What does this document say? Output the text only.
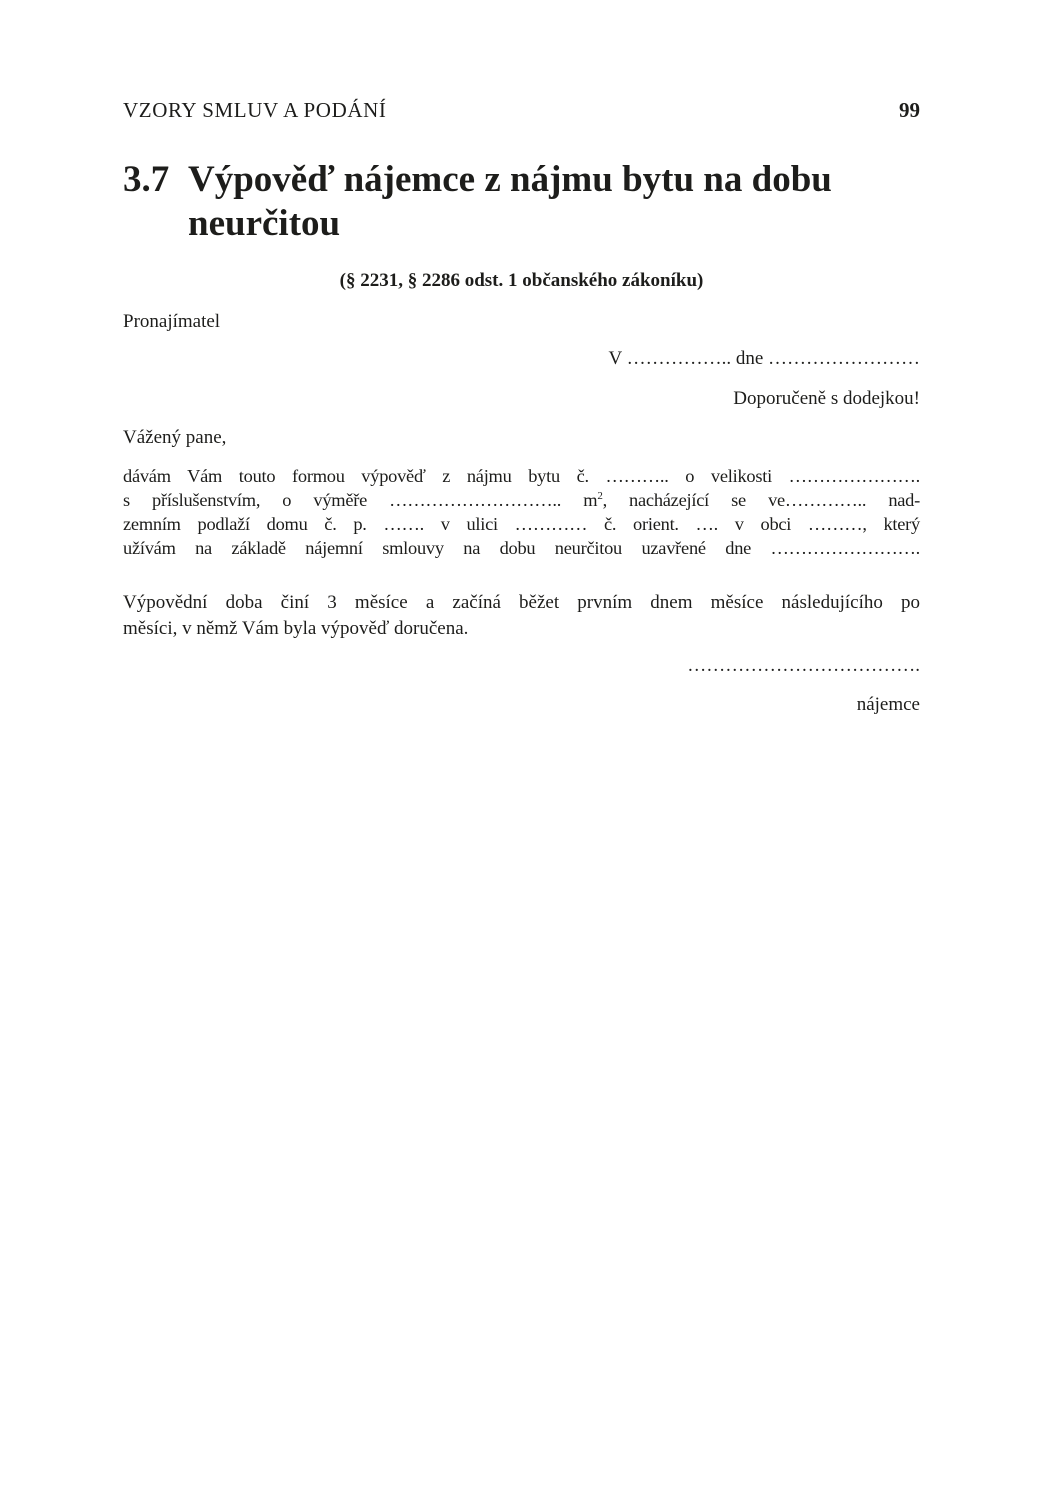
VZORY SMLUV A PODÁNÍ	99
3.7 Výpověď nájemce z nájmu bytu na dobu
neurčitou
(§ 2231, § 2286 odst. 1 občanského zákoníku)
Pronajímatel
V …………….. dne ……………………
Doporučeně s dodejkou!
Vážený pane,
dávám Vám touto formou výpověď z nájmu bytu č. ……….. o velikosti ………………….
s příslušenstvím, o výměře ……………………….. $m^2$, nacházející se ve………….. nad-
zemním podlaží domu č. p. ……. v ulici ………… č. orient. …. v obci ………, který
užívám na základě nájemní smlouvy na dobu neurčitou uzavřené dne …………………….
Výpovědní doba činí 3 měsíce a začíná běžet prvním dnem měsíce následujícího po
měsíci, v němž Vám byla výpověď doručena.
……………………………….
nájemce
